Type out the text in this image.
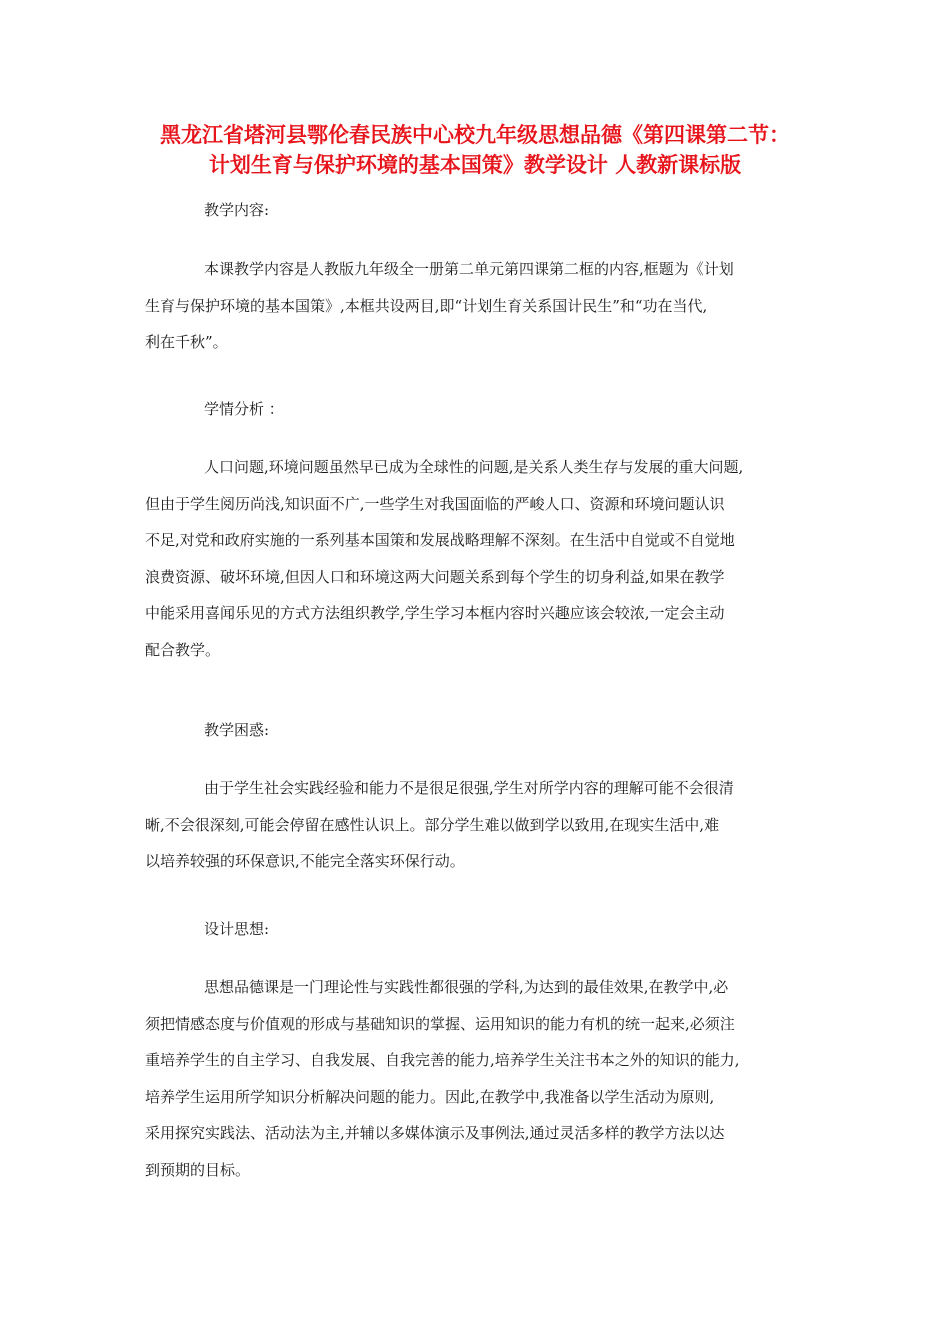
黑龙江省塔河县鄂伦春民族中心校九年级思想品德《第四课第二节：
计划生育与保护环境的基本国策》教学设计 人教新课标版

教学内容:

本课教学内容是人教版九年级全一册第二单元第四课第二框的内容,框题为《计划
生育与保护环境的基本国策》,本框共设两目,即“计划生育关系国计民生”和“功在当代,
利在千秋”。

学情分析 ：

人口问题,环境问题虽然早已成为全球性的问题,是关系人类生存与发展的重大问题,
但由于学生阅历尚浅,知识面不广,一些学生对我国面临的严峻人口、资源和环境问题认识
不足,对党和政府实施的一系列基本国策和发展战略理解不深刻。在生活中自觉或不自觉地
浪费资源、破坏环境,但因人口和环境这两大问题关系到每个学生的切身利益,如果在教学
中能采用喜闻乐见的方式方法组织教学,学生学习本框内容时兴趣应该会较浓,一定会主动
配合教学。

教学困惑:

由于学生社会实践经验和能力不是很足很强,学生对所学内容的理解可能不会很清
晰,不会很深刻,可能会停留在感性认识上。部分学生难以做到学以致用,在现实生活中,难
以培养较强的环保意识,不能完全落实环保行动。

设计思想:

思想品德课是一门理论性与实践性都很强的学科,为达到的最佳效果,在教学中,必
须把情感态度与价值观的形成与基础知识的掌握、运用知识的能力有机的统一起来,必须注
重培养学生的自主学习、自我发展、自我完善的能力,培养学生关注书本之外的知识的能力,
培养学生运用所学知识分析解决问题的能力。因此,在教学中,我准备以学生活动为原则,
采用探究实践法、活动法为主,并辅以多媒体演示及事例法,通过灵活多样的教学方法以达
到预期的目标。
